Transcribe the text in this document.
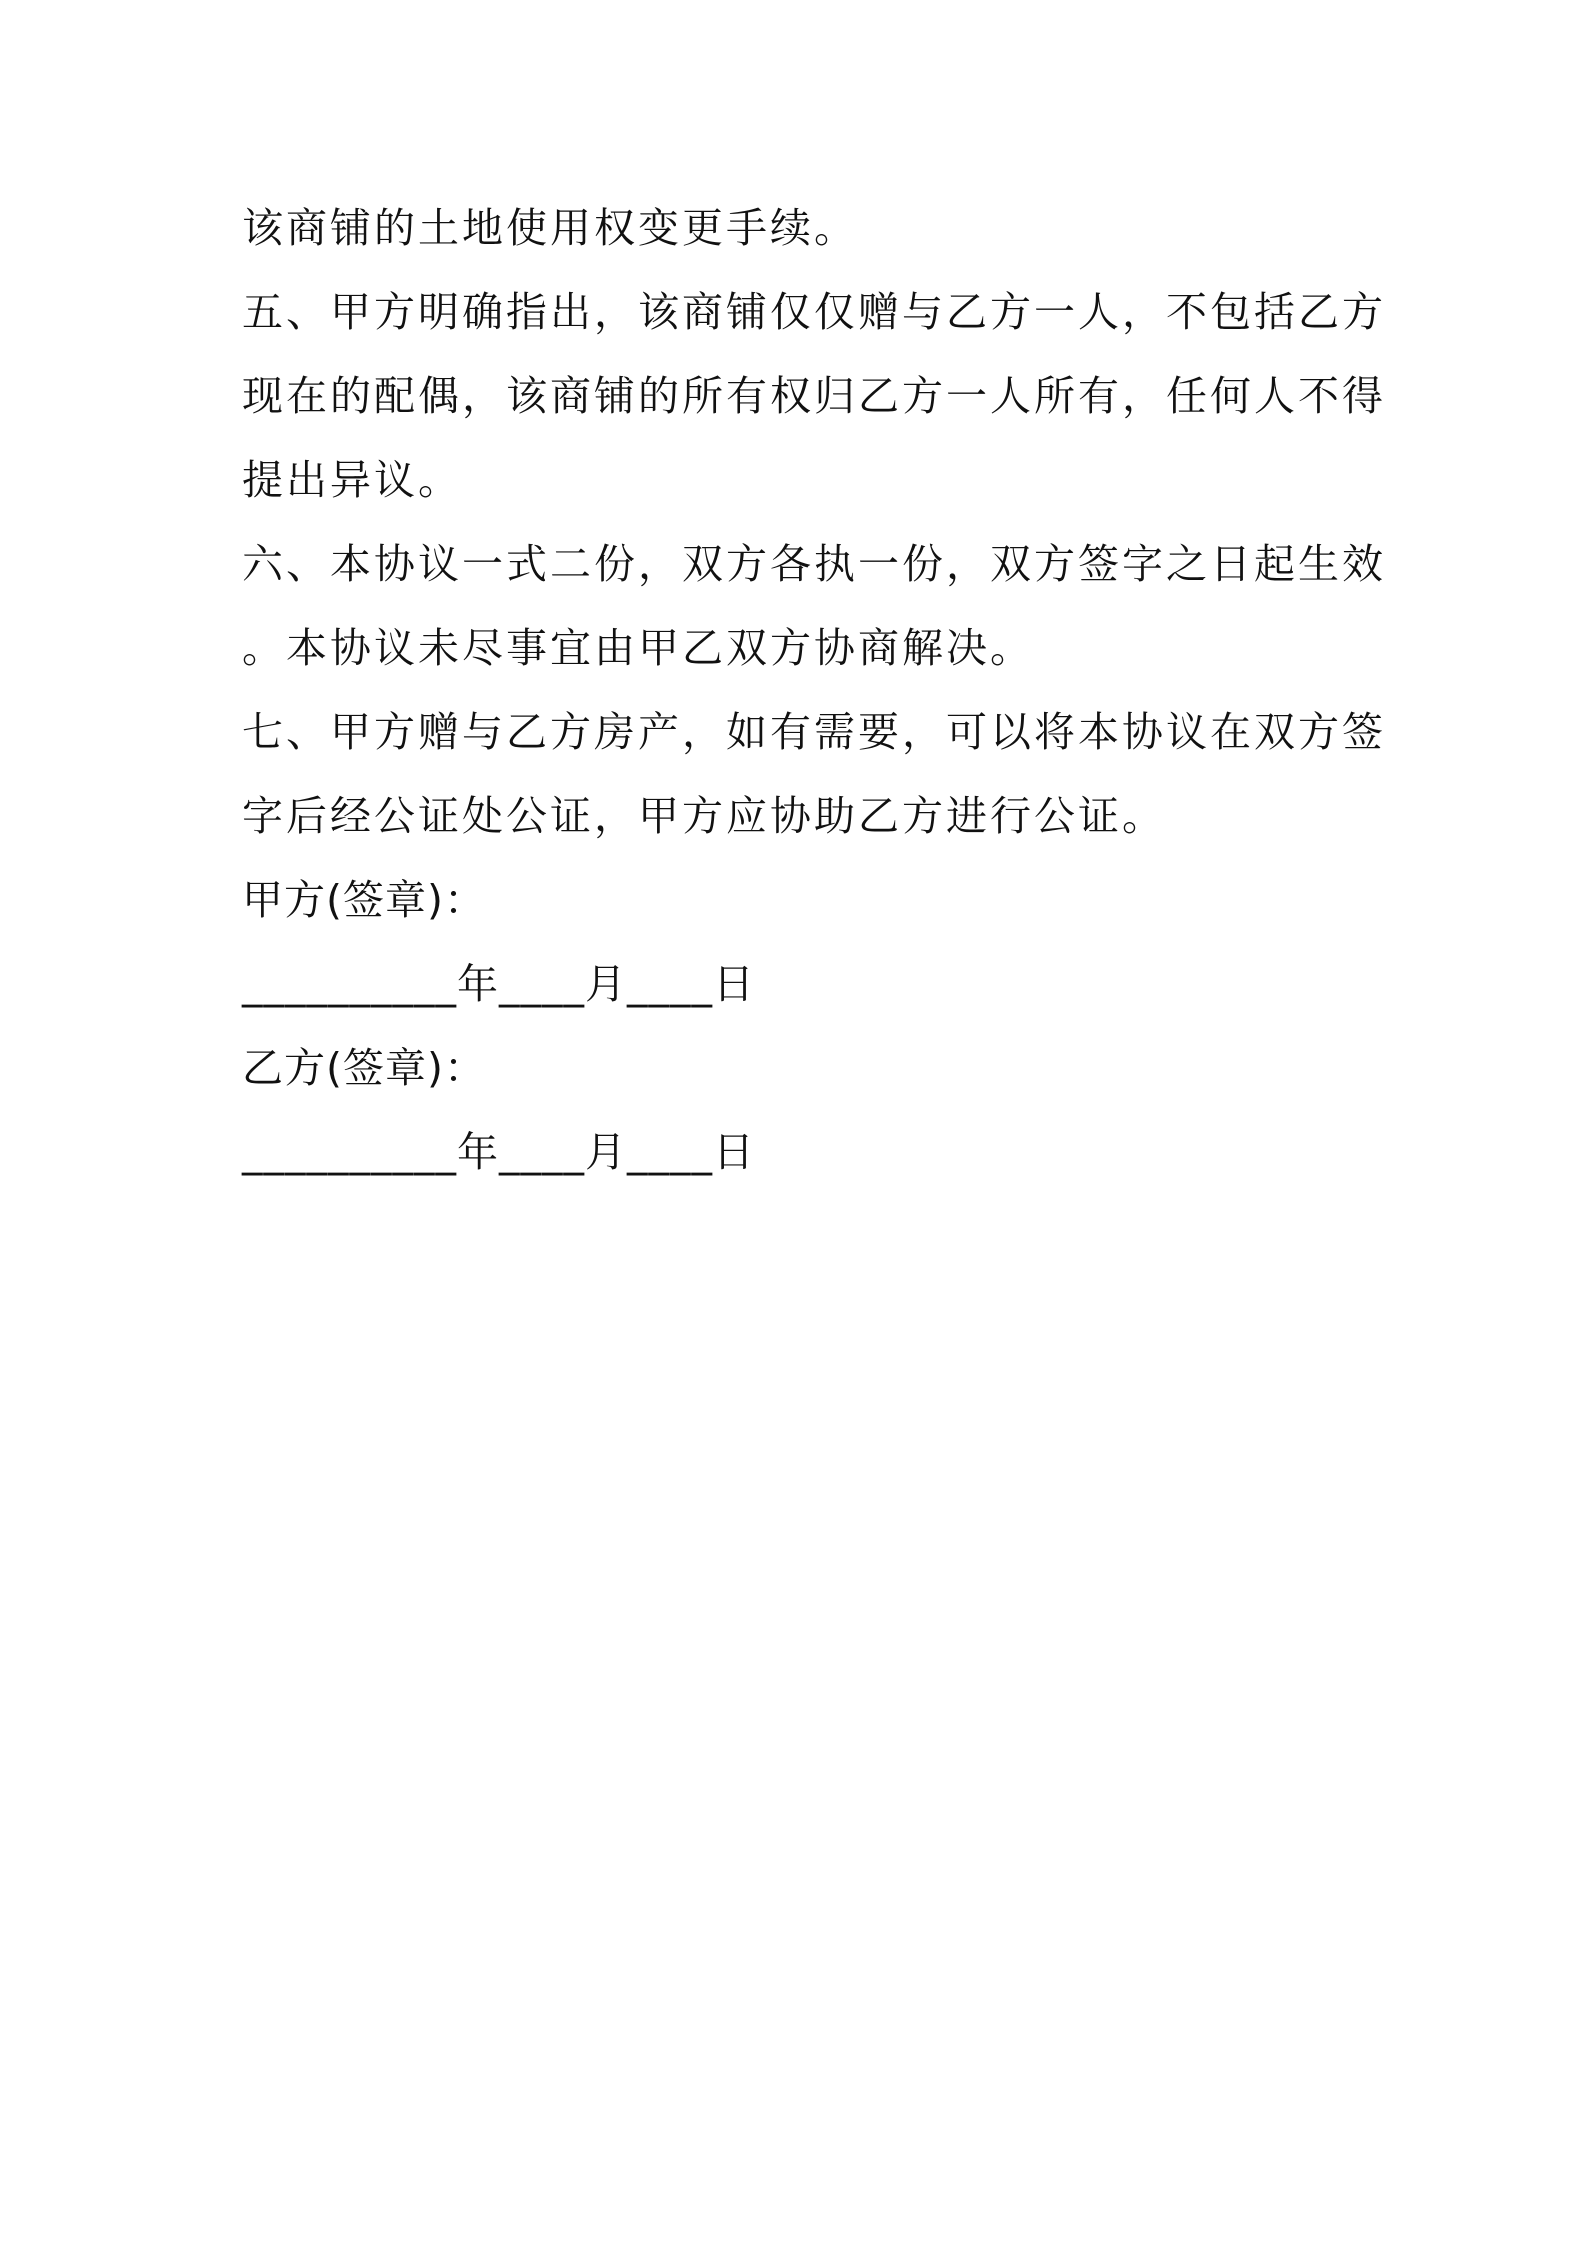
该商铺的土地使用权变更手续。
五、甲方明确指出，该商铺仅仅赠与乙方一人，不包括乙方
现在的配偶，该商铺的所有权归乙方一人所有，任何人不得
提出异议。
六、本协议一式二份，双方各执一份，双方签字之日起生效
。本协议未尽事宜由甲乙双方协商解决。
七、甲方赠与乙方房产，如有需要，可以将本协议在双方签
字后经公证处公证，甲方应协助乙方进行公证。
甲方(签章)：
__________年____月____日
乙方(签章)：
__________年____月____日
